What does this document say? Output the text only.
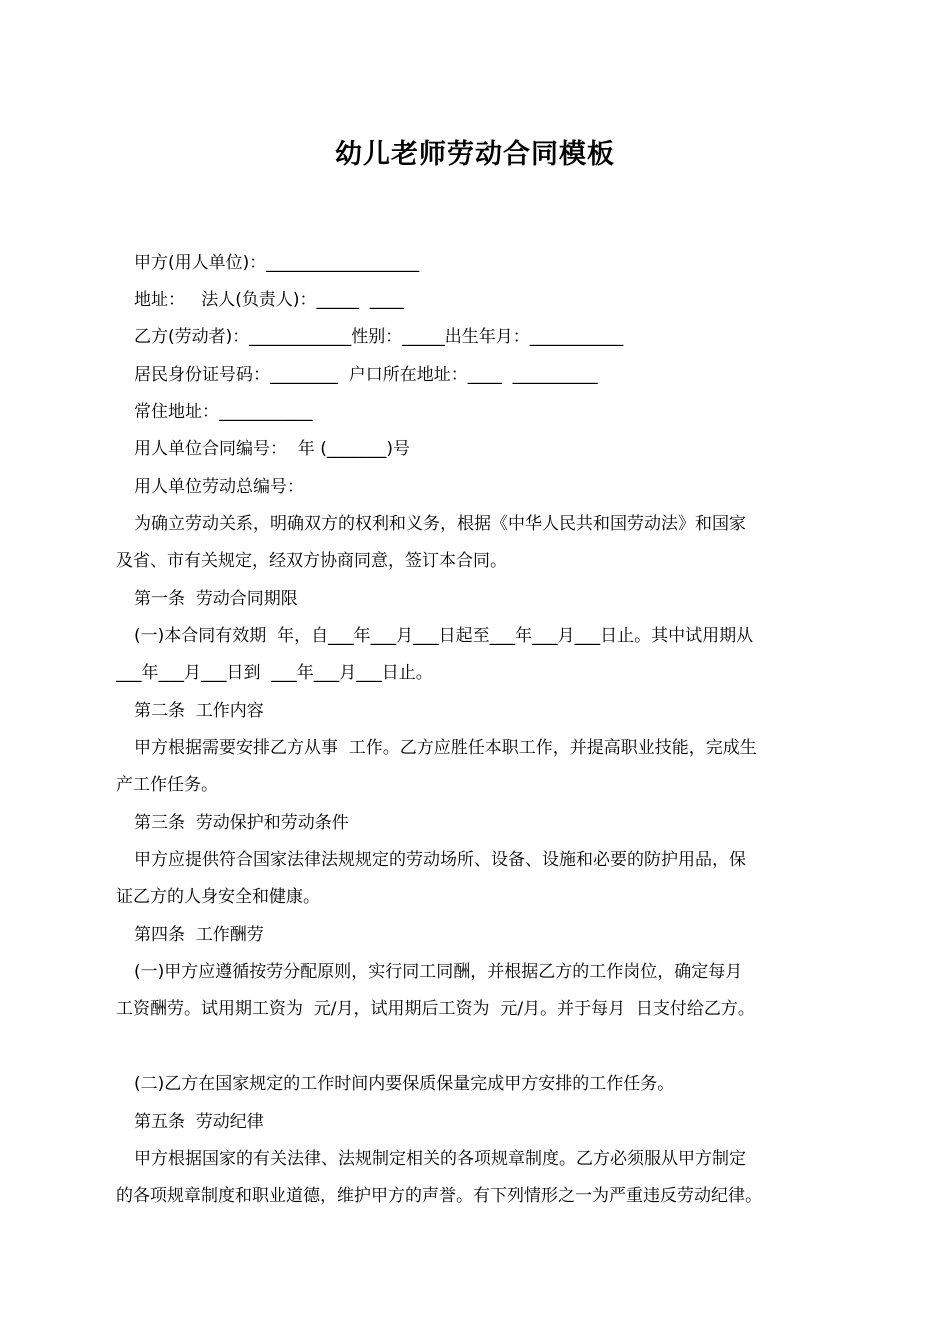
幼儿老师劳动合同模板
甲方(用人单位)：__________________
地址：   法人(负责人)：_____  ____
乙方(劳动者)：____________性别：_____出生年月：___________
居民身份证号码：________  户口所在地址：____  __________
常住地址：___________
用人单位合同编号：  年 (_______)号
用人单位劳动总编号：
为确立劳动关系，明确双方的权利和义务，根据《中华人民共和国劳动法》和国家
及省、市有关规定，经双方协商同意，签订本合同。
第一条  劳动合同期限
(一)本合同有效期  年，自___年___月___日起至___年___月___日止。其中试用期从
___年___月___日到  ___年___月___日止。
第二条  工作内容
甲方根据需要安排乙方从事  工作。乙方应胜任本职工作，并提高职业技能，完成生
产工作任务。
第三条  劳动保护和劳动条件
甲方应提供符合国家法律法规规定的劳动场所、设备、设施和必要的防护用品，保
证乙方的人身安全和健康。
第四条  工作酬劳
(一)甲方应遵循按劳分配原则，实行同工同酬，并根据乙方的工作岗位，确定每月
工资酬劳。试用期工资为  元/月，试用期后工资为  元/月。并于每月  日支付给乙方。
(二)乙方在国家规定的工作时间内要保质保量完成甲方安排的工作任务。
第五条  劳动纪律
甲方根据国家的有关法律、法规制定相关的各项规章制度。乙方必须服从甲方制定
的各项规章制度和职业道德，维护甲方的声誉。有下列情形之一为严重违反劳动纪律。
